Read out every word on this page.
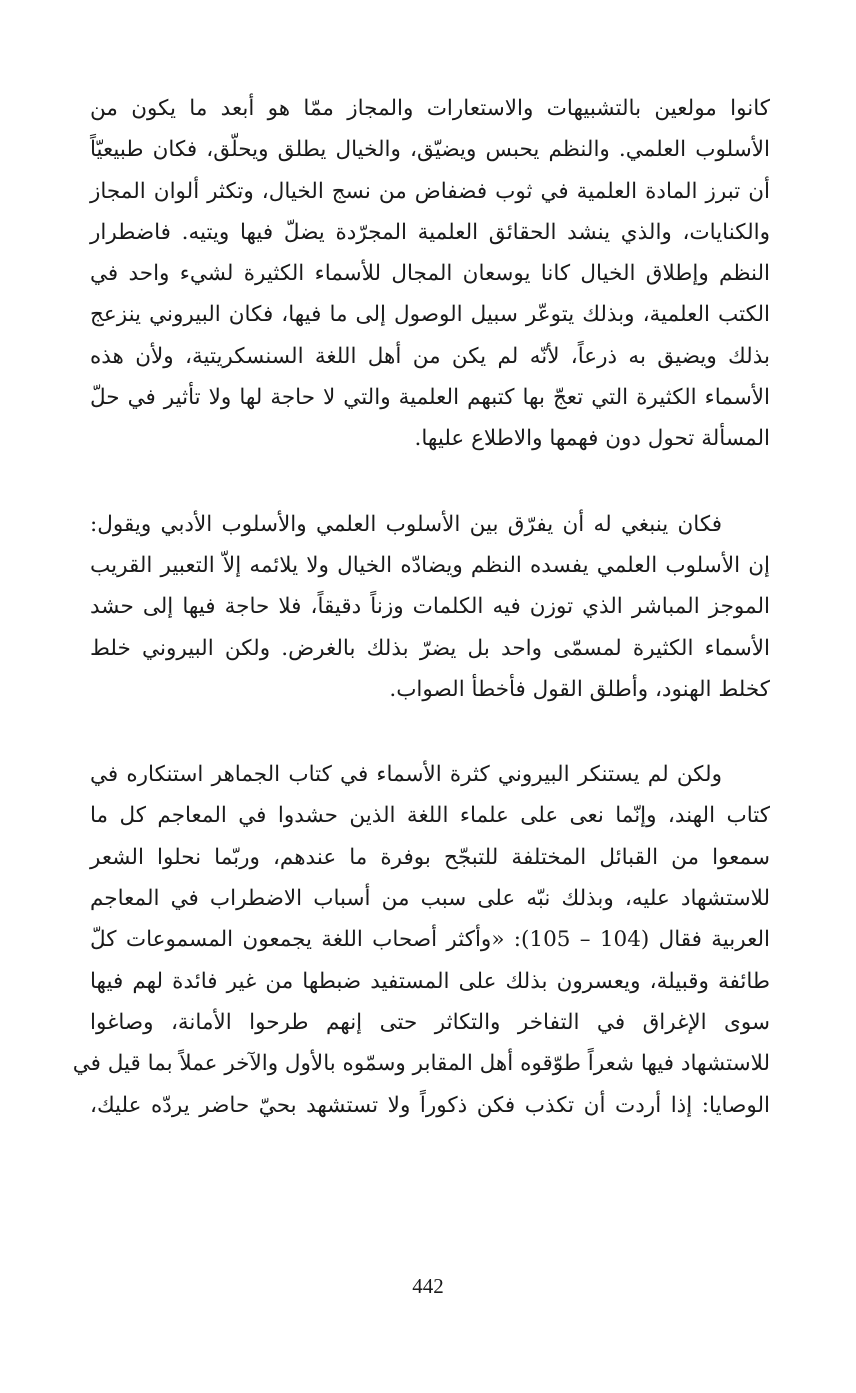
كانوا مولعين بالتشبيهات والاستعارات والمجاز ممّا هو أبعد ما يكون من
الأسلوب العلمي. والنظم يحبس ويضيّق، والخيال يطلق ويحلّق، فكان طبيعيّاً
أن تبرز المادة العلمية في ثوب فضفاض من نسج الخيال، وتكثر ألوان المجاز
والكنايات، والذي ينشد الحقائق العلمية المجرّدة يضلّ فيها ويتيه. فاضطرار
النظم وإطلاق الخيال كانا يوسعان المجال للأسماء الكثيرة لشيء واحد في
الكتب العلمية، وبذلك يتوعّر سبيل الوصول إلى ما فيها، فكان البيروني ينزعج
بذلك ويضيق به ذرعاً، لأنّه لم يكن من أهل اللغة السنسكريتية، ولأن هذه
الأسماء الكثيرة التي تعجّ بها كتبهم العلمية والتي لا حاجة لها ولا تأثير في حلّ
المسألة تحول دون فهمها والاطلاع عليها.
فكان ينبغي له أن يفرّق بين الأسلوب العلمي والأسلوب الأدبي ويقول:
إن الأسلوب العلمي يفسده النظم ويضادّه الخيال ولا يلائمه إلاّ التعبير القريب
الموجز المباشر الذي توزن فيه الكلمات وزناً دقيقاً، فلا حاجة فيها إلى حشد
الأسماء الكثيرة لمسمّى واحد بل يضرّ بذلك بالغرض. ولكن البيروني خلط
كخلط الهنود، وأطلق القول فأخطأ الصواب.
ولكن لم يستنكر البيروني كثرة الأسماء في كتاب الجماهر استنكاره في
كتاب الهند، وإنّما نعى على علماء اللغة الذين حشدوا في المعاجم كل ما
سمعوا من القبائل المختلفة للتبجّح بوفرة ما عندهم، وربّما نحلوا الشعر
للاستشهاد عليه، وبذلك نبّه على سبب من أسباب الاضطراب في المعاجم
العربية فقال (104 – 105): «وأكثر أصحاب اللغة يجمعون المسموعات كلّ
طائفة وقبيلة، ويعسرون بذلك على المستفيد ضبطها من غير فائدة لهم فيها
سوى الإغراق في التفاخر والتكاثر حتى إنهم طرحوا الأمانة، وصاغوا
للاستشهاد فيها شعراً طوّقوه أهل المقابر وسمّوه بالأول والآخر عملاً بما قيل في
الوصايا: إذا أردت أن تكذب فكن ذكوراً ولا تستشهد بحيّ حاضر يردّه عليك،
442
